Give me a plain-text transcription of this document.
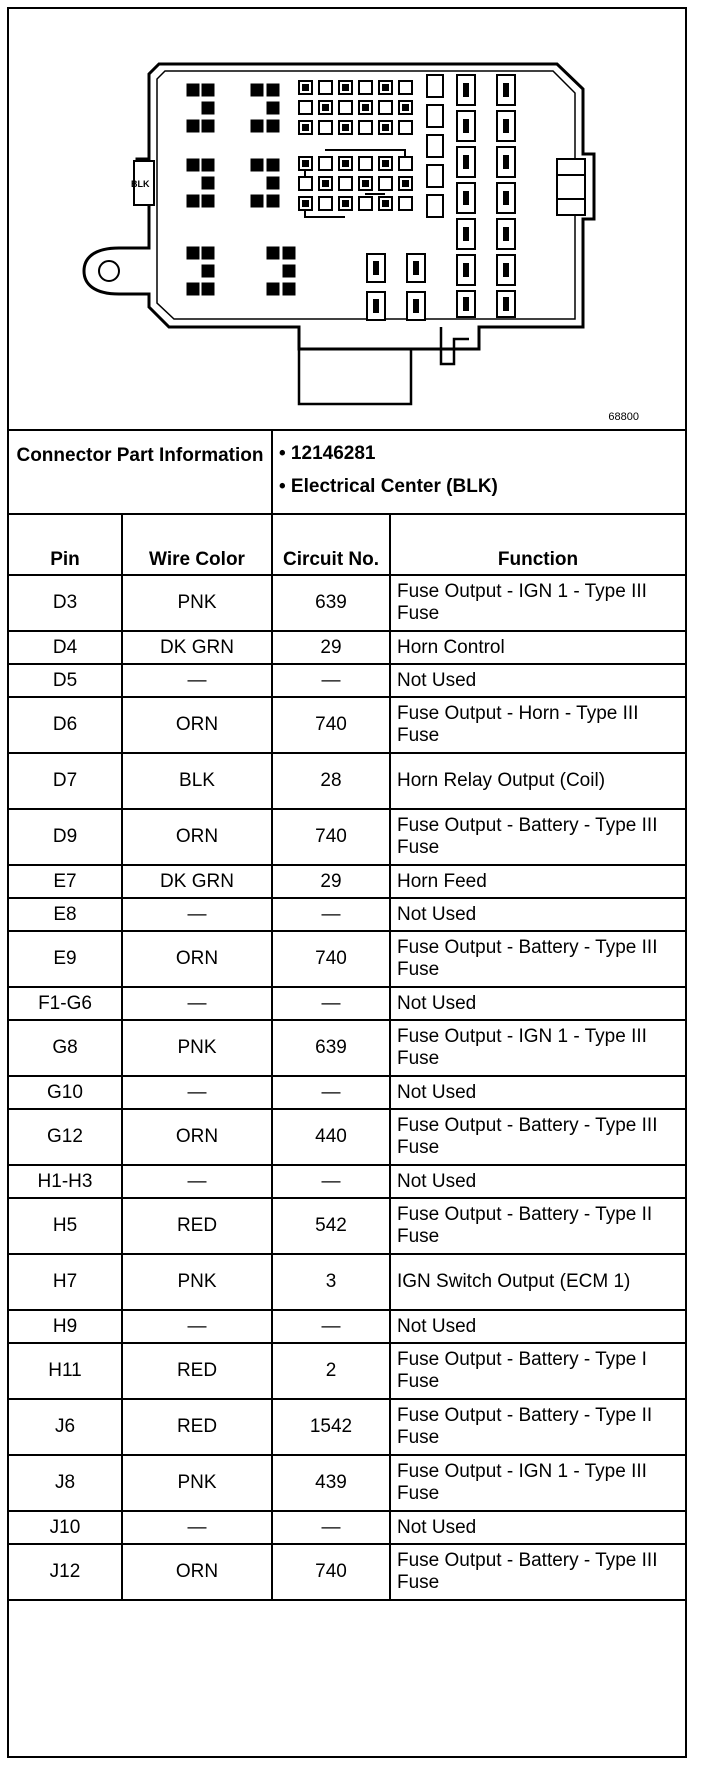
BLK
68800
Connector Part Information • 12146281
• Electrical Center (BLK)
Pin	Wire Color	Circuit No.	Function
D3	PNK	639	Fuse Output - IGN 1 - Type III Fuse
D4	DK GRN	29	Horn Control
D5	—	—	Not Used
D6	ORN	740	Fuse Output - Horn - Type III Fuse
D7	BLK	28	Horn Relay Output (Coil)
D9	ORN	740	Fuse Output - Battery - Type III Fuse
E7	DK GRN	29	Horn Feed
E8	—	—	Not Used
E9	ORN	740	Fuse Output - Battery - Type III Fuse
F1-G6	—	—	Not Used
G8	PNK	639	Fuse Output - IGN 1 - Type III Fuse
G10	—	—	Not Used
G12	ORN	440	Fuse Output - Battery - Type III Fuse
H1-H3	—	—	Not Used
H5	RED	542	Fuse Output - Battery - Type II Fuse
H7	PNK	3	IGN Switch Output (ECM 1)
H9	—	—	Not Used
H11	RED	2	Fuse Output - Battery - Type I Fuse
J6	RED	1542	Fuse Output - Battery - Type II Fuse
J8	PNK	439	Fuse Output - IGN 1 - Type III Fuse
J10	—	—	Not Used
J12	ORN	740	Fuse Output - Battery - Type III Fuse
